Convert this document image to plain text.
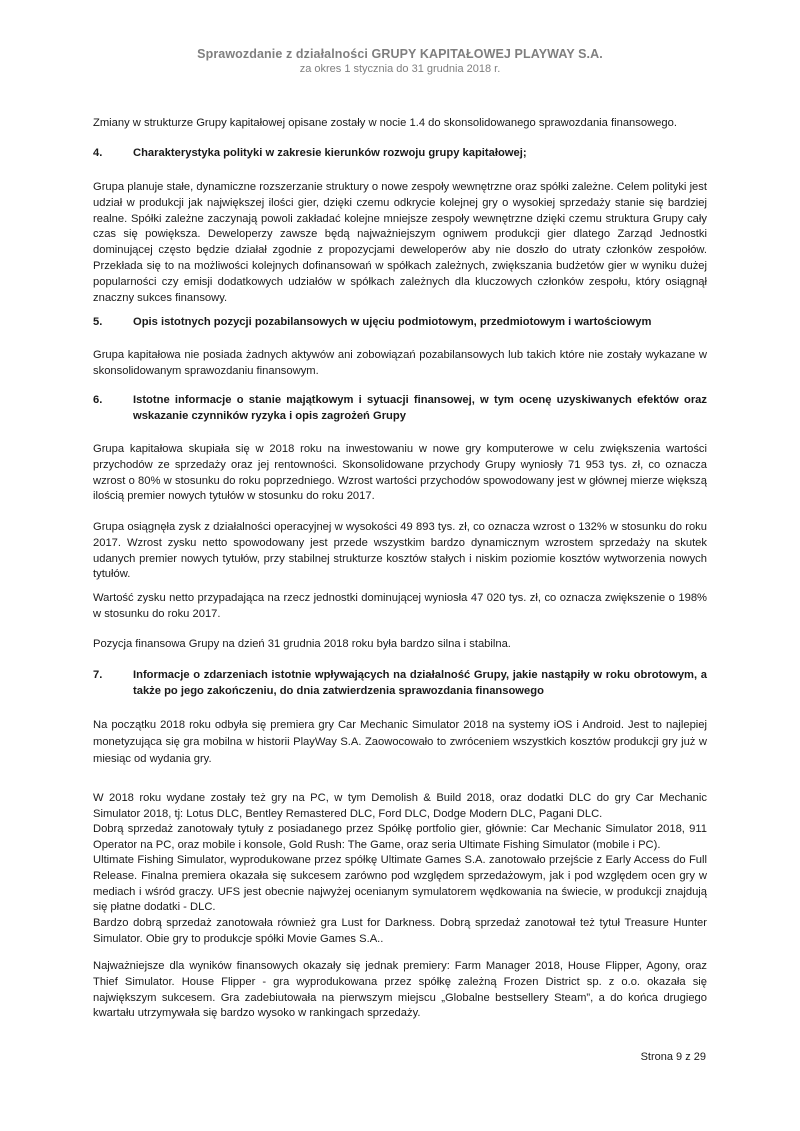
Sprawozdanie z działalności GRUPY KAPITAŁOWEJ PLAYWAY S.A.
za okres 1 stycznia do 31 grudnia 2018 r.

Zmiany w strukturze Grupy kapitałowej opisane zostały w nocie 1.4 do skonsolidowanego sprawozdania finansowego.

4.	Charakterystyka polityki w zakresie kierunków rozwoju grupy kapitałowej;

Grupa planuje stałe, dynamiczne rozszerzanie struktury o nowe zespoły wewnętrzne oraz spółki zależne. Celem polityki jest udział w produkcji jak największej ilości gier, dzięki czemu odkrycie kolejnej gry o wysokiej sprzedaży stanie się bardziej realne. Spółki zależne zaczynają powoli zakładać kolejne mniejsze zespoły wewnętrzne dzięki czemu struktura Grupy cały czas się powiększa. Deweloperzy zawsze będą najważniejszym ogniwem produkcji gier dlatego Zarząd Jednostki dominującej często będzie działał zgodnie z propozycjami deweloperów aby nie doszło do utraty członków zespołów. Przekłada się to na możliwości kolejnych dofinansowań w spółkach zależnych, zwiększania budżetów gier w wyniku dużej popularności czy emisji dodatkowych udziałów w spółkach zależnych dla kluczowych członków zespołu, który osiągnął znaczny sukces finansowy.

5.	Opis istotnych pozycji pozabilansowych w ujęciu podmiotowym, przedmiotowym i wartościowym

Grupa kapitałowa nie posiada żadnych aktywów ani zobowiązań pozabilansowych lub takich które nie zostały wykazane w skonsolidowanym sprawozdaniu finansowym.

6.	Istotne informacje o stanie majątkowym i sytuacji finansowej, w tym ocenę uzyskiwanych efektów oraz wskazanie czynników ryzyka i opis zagrożeń Grupy

Grupa kapitałowa skupiała się w 2018 roku na inwestowaniu w nowe gry komputerowe w celu zwiększenia wartości przychodów ze sprzedaży oraz jej rentowności. Skonsolidowane przychody Grupy wyniosły 71 953 tys. zł, co oznacza wzrost o 80% w stosunku do roku poprzedniego. Wzrost wartości przychodów spowodowany jest w głównej mierze większą ilością premier nowych tytułów w stosunku do roku 2017.

Grupa osiągnęła zysk z działalności operacyjnej w wysokości 49 893 tys. zł, co oznacza wzrost o 132% w stosunku do roku 2017. Wzrost zysku netto spowodowany jest przede wszystkim bardzo dynamicznym wzrostem sprzedaży na skutek udanych premier nowych tytułów, przy stabilnej strukturze kosztów stałych i niskim poziomie kosztów wytworzenia nowych tytułów.

Wartość zysku netto przypadająca na rzecz jednostki dominującej wyniosła 47 020 tys. zł, co oznacza zwiększenie o 198% w stosunku do roku 2017.

Pozycja finansowa Grupy na dzień 31 grudnia 2018 roku była bardzo silna i stabilna.

7.	Informacje o zdarzeniach istotnie wpływających na działalność Grupy, jakie nastąpiły w roku obrotowym, a także po jego zakończeniu, do dnia zatwierdzenia sprawozdania finansowego

Na początku 2018 roku odbyła się premiera gry Car Mechanic Simulator 2018 na systemy iOS i Android. Jest to najlepiej monetyzująca się gra mobilna w historii PlayWay S.A. Zaowocowało to zwróceniem wszystkich kosztów produkcji gry już w miesiąc od wydania gry.

W 2018 roku wydane zostały też gry na PC, w tym Demolish & Build 2018, oraz dodatki DLC do gry Car Mechanic Simulator 2018, tj: Lotus DLC, Bentley Remastered DLC, Ford DLC, Dodge Modern DLC, Pagani DLC.

Dobrą sprzedaż zanotowały tytuły z posiadanego przez Spółkę portfolio gier, głównie: Car Mechanic Simulator 2018, 911 Operator na PC, oraz mobile i konsole, Gold Rush: The Game, oraz seria Ultimate Fishing Simulator (mobile i PC).

Ultimate Fishing Simulator, wyprodukowane przez spółkę Ultimate Games S.A. zanotowało przejście z Early Access do Full Release. Finalna premiera okazała się sukcesem zarówno pod względem sprzedażowym, jak i pod względem ocen gry w mediach i wśród graczy. UFS jest obecnie najwyżej ocenianym symulatorem wędkowania na świecie, w produkcji znajdują się płatne dodatki - DLC.

Bardzo dobrą sprzedaż zanotowała również gra Lust for Darkness. Dobrą sprzedaż zanotował też tytuł Treasure Hunter Simulator. Obie gry to produkcje spółki Movie Games S.A..

Najważniejsze dla wyników finansowych okazały się jednak premiery: Farm Manager 2018, House Flipper, Agony, oraz Thief Simulator. House Flipper - gra wyprodukowana przez spółkę zależną Frozen District sp. z o.o. okazała się największym sukcesem. Gra zadebiutowała na pierwszym miejscu „Globalne bestsellery Steam”, a do końca drugiego kwartału utrzymywała się bardzo wysoko w rankingach sprzedaży.

Strona 9 z 29
